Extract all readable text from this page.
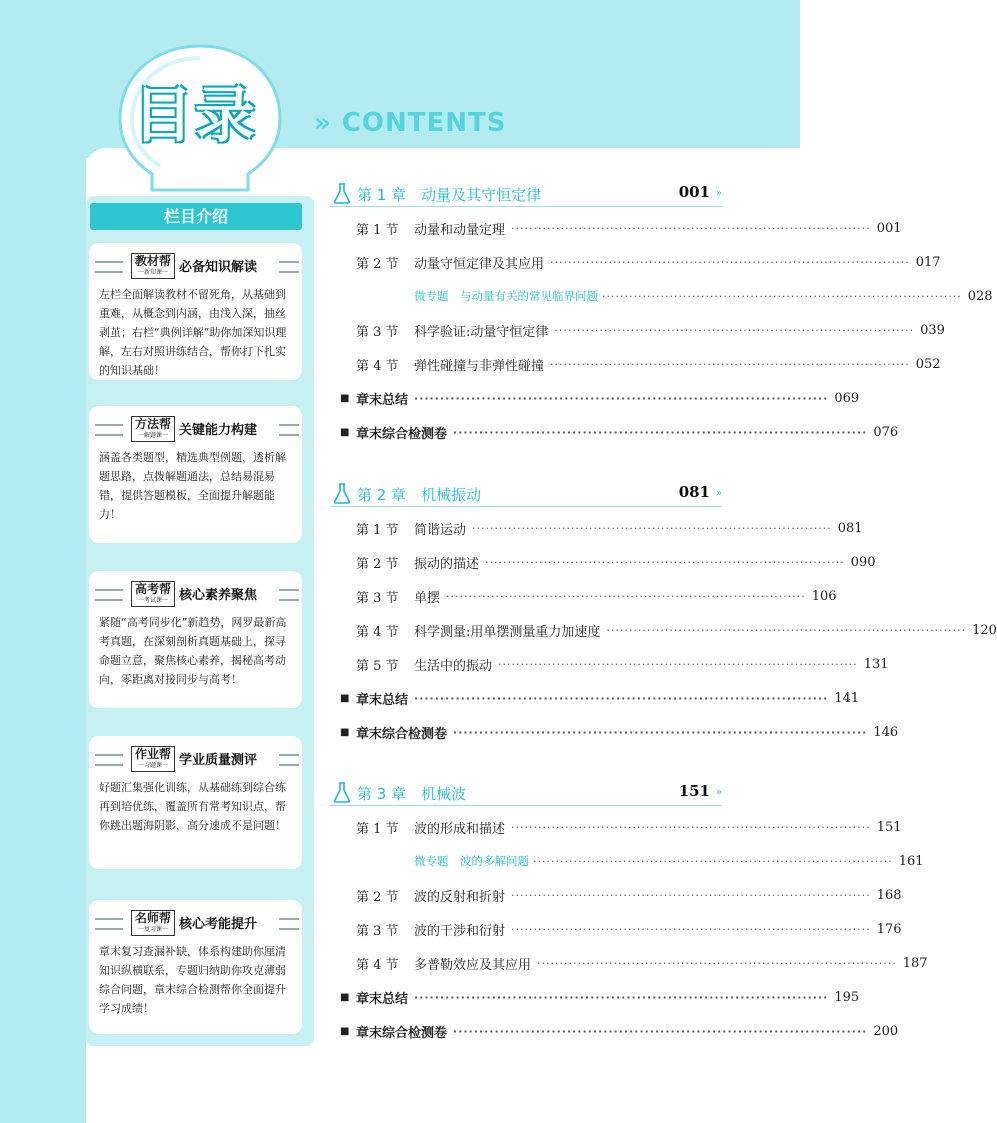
目录	» CONTENTS
栏目介绍
教材帮
一新知课一 必备知识解读
左栏全面解读教材不留死角，从基础到重难，从概念到内涵，由浅入深，抽丝剥茧；右栏“典例详解”助你加深知识理解，左右对照讲练结合，帮你打下扎实的知识基础！
方法帮
一解题课一 关键能力构建
涵盖各类题型，精选典型例题，透析解题思路，点拨解题通法，总结易混易错，提供答题模板，全面提升解题能力！
高考帮
一考试课一 核心素养聚焦
紧随“高考同步化”新趋势，网罗最新高考真题，在深刻剖析真题基础上，探寻命题立意，聚焦核心素养，揭秘高考动向，零距离对接同步与高考！
作业帮
一习题课一 学业质量测评
好题汇集强化训练，从基础练到综合练再到培优练，覆盖所有常考知识点，帮你跳出题海阴影，高分速成不是问题！
名师帮
一复习课一 核心考能提升
章末复习查漏补缺，体系构建助你厘清知识纵横联系，专题归纳助你攻克薄弱综合问题，章末综合检测帮你全面提升学习成绩！
第 1 章　动量及其守恒定律	001 »
第 1 节	动量和动量定理 ················································································ 001
第 2 节	动量守恒定律及其应用 ················································································ 017
微专题　与动量有关的常见临界问题 ················································································ 028
第 3 节	科学验证:动量守恒定律 ················································································ 039
第 4 节	弹性碰撞与非弹性碰撞 ················································································ 052
■ 章末总结 ················································································ 069
■ 章末综合检测卷 ················································································ 076
第 2 章　机械振动	081 »
第 1 节	简谐运动 ················································································ 081
第 2 节	振动的描述 ················································································ 090
第 3 节	单摆 ················································································ 106
第 4 节	科学测量:用单摆测量重力加速度 ················································································ 120
第 5 节	生活中的振动 ················································································ 131
■ 章末总结 ················································································ 141
■ 章末综合检测卷 ················································································ 146
第 3 章　机械波	151 »
第 1 节	波的形成和描述 ················································································ 151
微专题　波的多解问题 ················································································ 161
第 2 节	波的反射和折射 ················································································ 168
第 3 节	波的干涉和衍射 ················································································ 176
第 4 节	多普勒效应及其应用 ················································································ 187
■ 章末总结 ················································································ 195
■ 章末综合检测卷 ················································································ 200
